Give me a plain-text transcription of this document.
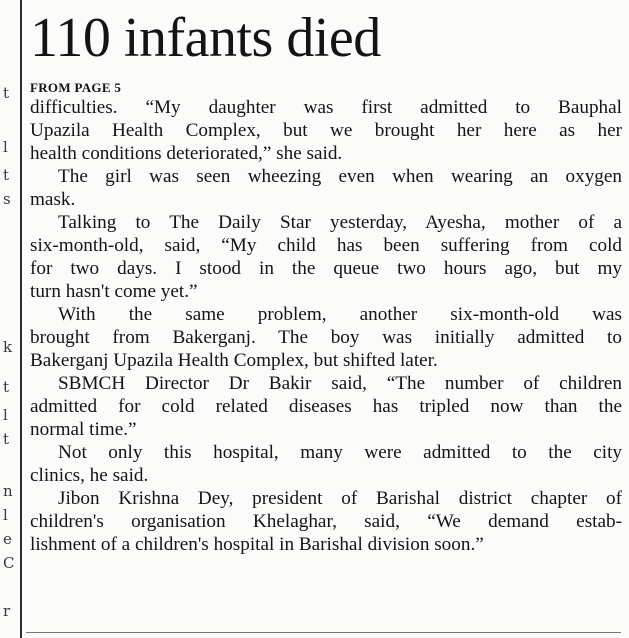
t
l
t
s
k
t
l
t
n
l
e
C
r
110 infants died
FROM PAGE 5
difficulties. “My daughter was first admitted to Bauphal
Upazila Health Complex, but we brought her here as her
health conditions deteriorated,” she said.
The girl was seen wheezing even when wearing an oxygen
mask.
Talking to The Daily Star yesterday, Ayesha, mother of a
six-month-old, said, “My child has been suffering from cold
for two days. I stood in the queue two hours ago, but my
turn hasn't come yet.”
With the same problem, another six-month-old was
brought from Bakerganj. The boy was initially admitted to
Bakerganj Upazila Health Complex, but shifted later.
SBMCH Director Dr Bakir said, “The number of children
admitted for cold related diseases has tripled now than the
normal time.”
Not only this hospital, many were admitted to the city
clinics, he said.
Jibon Krishna Dey, president of Barishal district chapter of
children's organisation Khelaghar, said, “We demand estab-
lishment of a children's hospital in Barishal division soon.”
